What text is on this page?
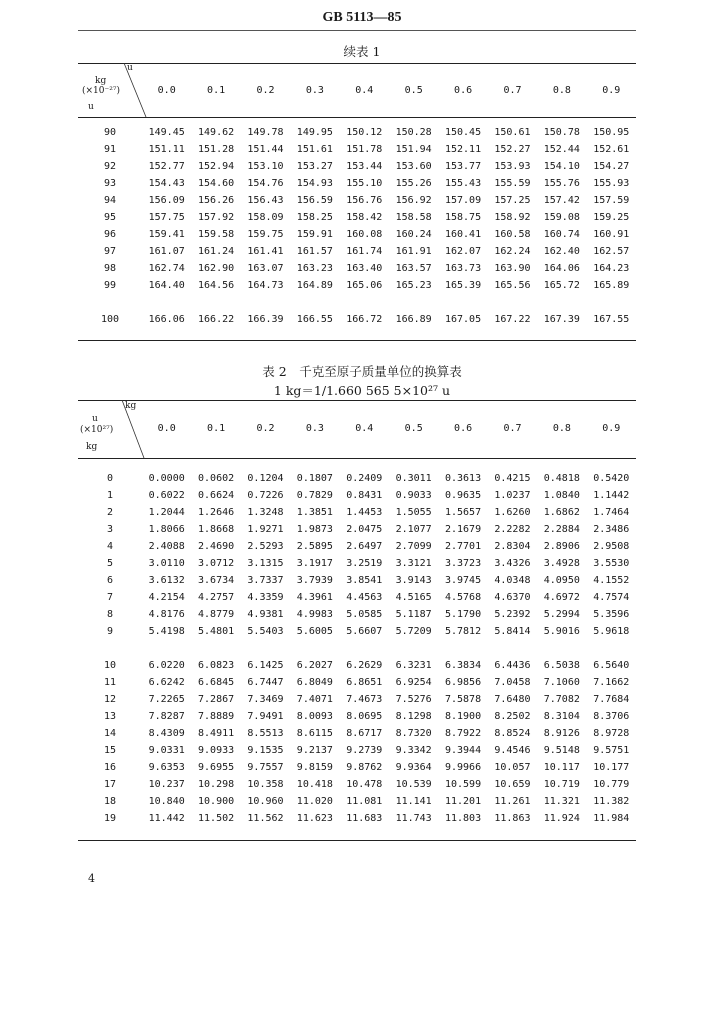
GB 5113—85
续表 1
u
kg
(×10⁻²⁷)
u
0.0	0.1	0.2	0.3	0.4	0.5	0.6	0.7	0.8	0.9
90	149.45	149.62	149.78	149.95	150.12	150.28	150.45	150.61	150.78	150.95
91	151.11	151.28	151.44	151.61	151.78	151.94	152.11	152.27	152.44	152.61
92	152.77	152.94	153.10	153.27	153.44	153.60	153.77	153.93	154.10	154.27
93	154.43	154.60	154.76	154.93	155.10	155.26	155.43	155.59	155.76	155.93
94	156.09	156.26	156.43	156.59	156.76	156.92	157.09	157.25	157.42	157.59
95	157.75	157.92	158.09	158.25	158.42	158.58	158.75	158.92	159.08	159.25
96	159.41	159.58	159.75	159.91	160.08	160.24	160.41	160.58	160.74	160.91
97	161.07	161.24	161.41	161.57	161.74	161.91	162.07	162.24	162.40	162.57
98	162.74	162.90	163.07	163.23	163.40	163.57	163.73	163.90	164.06	164.23
99	164.40	164.56	164.73	164.89	165.06	165.23	165.39	165.56	165.72	165.89

100	166.06	166.22	166.39	166.55	166.72	166.89	167.05	167.22	167.39	167.55
表 2　千克至原子质量单位的换算表
1 kg＝1/1.660 565 5×10²⁷ u
kg
u
(×10²⁷)
kg
0.0	0.1	0.2	0.3	0.4	0.5	0.6	0.7	0.8	0.9
0	0.0000	0.0602	0.1204	0.1807	0.2409	0.3011	0.3613	0.4215	0.4818	0.5420
1	0.6022	0.6624	0.7226	0.7829	0.8431	0.9033	0.9635	1.0237	1.0840	1.1442
2	1.2044	1.2646	1.3248	1.3851	1.4453	1.5055	1.5657	1.6260	1.6862	1.7464
3	1.8066	1.8668	1.9271	1.9873	2.0475	2.1077	2.1679	2.2282	2.2884	2.3486
4	2.4088	2.4690	2.5293	2.5895	2.6497	2.7099	2.7701	2.8304	2.8906	2.9508
5	3.0110	3.0712	3.1315	3.1917	3.2519	3.3121	3.3723	3.4326	3.4928	3.5530
6	3.6132	3.6734	3.7337	3.7939	3.8541	3.9143	3.9745	4.0348	4.0950	4.1552
7	4.2154	4.2757	4.3359	4.3961	4.4563	4.5165	4.5768	4.6370	4.6972	4.7574
8	4.8176	4.8779	4.9381	4.9983	5.0585	5.1187	5.1790	5.2392	5.2994	5.3596
9	5.4198	5.4801	5.5403	5.6005	5.6607	5.7209	5.7812	5.8414	5.9016	5.9618

10	6.0220	6.0823	6.1425	6.2027	6.2629	6.3231	6.3834	6.4436	6.5038	6.5640
11	6.6242	6.6845	6.7447	6.8049	6.8651	6.9254	6.9856	7.0458	7.1060	7.1662
12	7.2265	7.2867	7.3469	7.4071	7.4673	7.5276	7.5878	7.6480	7.7082	7.7684
13	7.8287	7.8889	7.9491	8.0093	8.0695	8.1298	8.1900	8.2502	8.3104	8.3706
14	8.4309	8.4911	8.5513	8.6115	8.6717	8.7320	8.7922	8.8524	8.9126	8.9728
15	9.0331	9.0933	9.1535	9.2137	9.2739	9.3342	9.3944	9.4546	9.5148	9.5751
16	9.6353	9.6955	9.7557	9.8159	9.8762	9.9364	9.9966	10.057	10.117	10.177
17	10.237	10.298	10.358	10.418	10.478	10.539	10.599	10.659	10.719	10.779
18	10.840	10.900	10.960	11.020	11.081	11.141	11.201	11.261	11.321	11.382
19	11.442	11.502	11.562	11.623	11.683	11.743	11.803	11.863	11.924	11.984
4
